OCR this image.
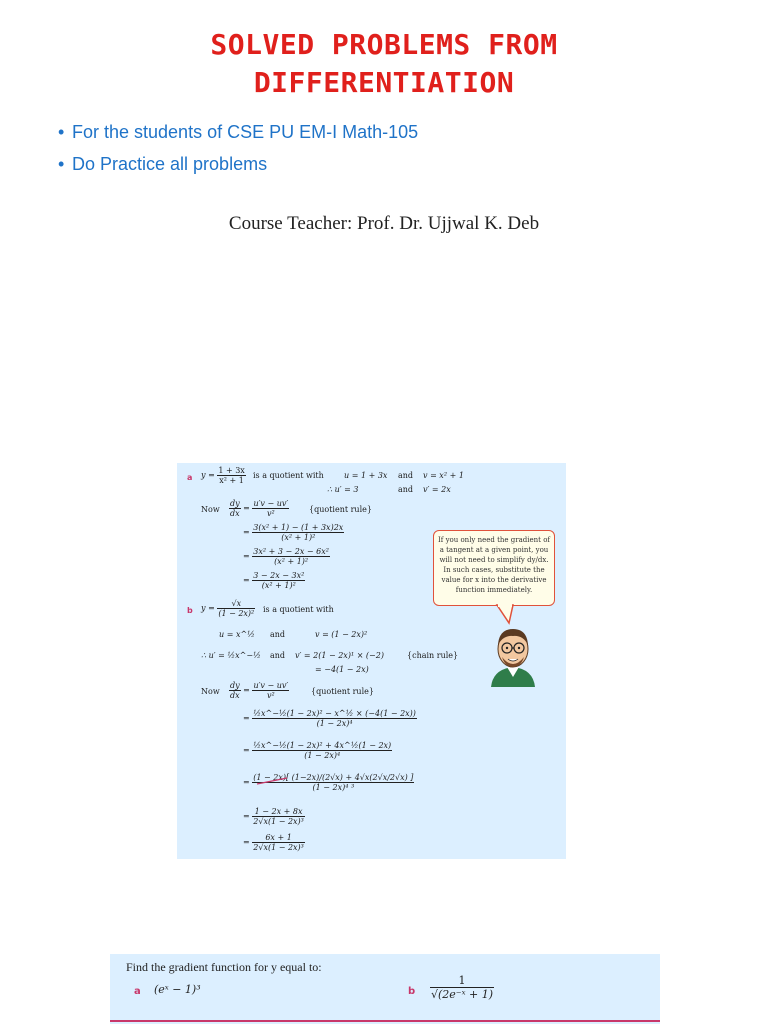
SOLVED PROBLEMS FROM
DIFFERENTIATION
• For the students of CSE PU EM-I Math-105
• Do Practice all problems
Course Teacher: Prof. Dr. Ujjwal K. Deb
a $y = \frac{1 + 3x}{\text{x² + 1}}$ is a quotient with	u = 1 + 3x and v = x² + 1
∴ u′ = 3	and v′ = 2x
Now $\frac{dy}{dx} = \frac{u'v - uv'}{\text{v²}}$ {quotient rule}
= $\frac{\text{3(x² + 1) − (1 + 3x)2x}}{\text{(x² + 1)²}}$
= $\frac{\text{3x² + 3 − 2x − 6x²}}{\text{(x² + 1)²}}$
= $\frac{\text{3 − 2x − 3x²}}{\text{(x² + 1)²}}$
If you only need the gradient of
a tangent at a given point, you
will not need to simplify dy/dx.
In such cases, substitute the
value for x into the derivative
function immediately.
b $y = \frac{√x}{\text{(1 − 2x)²}}$ is a quotient with
u = x^½ and	v = (1 − 2x)²
∴ u′ = ½x^−½ and v′ = 2(1 − 2x)¹ × (−2)	{chain rule}
= −4(1 − 2x)
Now $\frac{dy}{dx} = \frac{u'v - uv'}{\text{v²}}$	{quotient rule}
= $\frac{\text{½x\textasciicircum{}−½(1 − 2x)² − x\textasciicircum{}½ × (−4(1 − 2x))}}{\text{(1 − 2x)⁴}}$
= $\frac{\text{½x\textasciicircum{}−½(1 − 2x)² + 4x\textasciicircum{}½(1 − 2x)}}{\text{(1 − 2x)⁴}}$
= $\frac{(1 - 2x)[ (1-2x)/(2√x) + 4√x(2√x/2√x) ]}{\text{(1 − 2x)⁴ ³}}$
= $\frac{1 - 2x + 8x}{\text{2√x(1 − 2x)³}}$
= $\frac{6x + 1}{\text{2√x(1 − 2x)³}}$
Find the gradient function for y equal to:
a (eˣ − 1)³	b $\frac{1}{\text{√(2e⁻ˣ + 1)}}$
